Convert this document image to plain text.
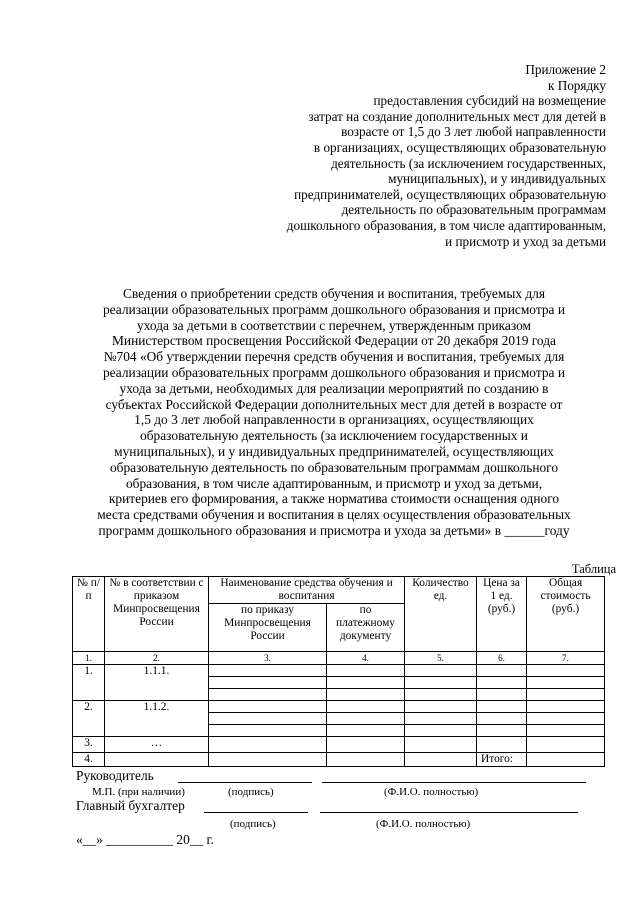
Приложение 2
к Порядку
предоставления субсидий на возмещение
затрат на создание дополнительных мест для детей в
возрасте от 1,5 до 3 лет любой направленности
в организациях, осуществляющих образовательную
деятельность (за исключением государственных,
муниципальных), и у индивидуальных
предпринимателей, осуществляющих образовательную
деятельность по образовательным программам
дошкольного образования, в том числе адаптированным,
и присмотр и уход за детьми
Сведения о приобретении средств обучения и воспитания, требуемых для
реализации образовательных программ дошкольного образования и присмотра и
ухода за детьми в соответствии с перечнем, утвержденным приказом
Министерством просвещения Российской Федерации от 20 декабря 2019 года
№704 «Об утверждении перечня средств обучения и воспитания, требуемых для
реализации образовательных программ дошкольного образования и присмотра и
ухода за детьми, необходимых для реализации мероприятий по созданию в
субъектах Российской Федерации дополнительных мест для детей в возрасте от
1,5 до 3 лет любой направленности в организациях, осуществляющих
образовательную деятельность (за исключением государственных и
муниципальных), и у индивидуальных предпринимателей, осуществляющих
образовательную деятельность по образовательным программам дошкольного
образования, в том числе адаптированным, и присмотр и уход за детьми,
критериев его формирования, а также норматива стоимости оснащения одного
места средствами обучения и воспитания в целях осуществления образовательных
программ дошкольного образования и присмотра и ухода за детьми» в ______году
Таблица
№ п/п	№ в соответствии с приказом Минпросвещения России	Наименование средства обучения и воспитания		Количество ед.	Цена за 1 ед. (руб.)	Общая стоимость (руб.)
		по приказу Минпросвещения России	по платежному документу			
1.	2.	3.	4.	5.	6.	7.
1.	1.1.1.					

2.	1.1.2.					

3.	…					
4.					Итого:	
Руководитель
М.П. (при наличии)	(подпись)	(Ф.И.О. полностью)
Главный бухгалтер
(подпись)	(Ф.И.О. полностью)
«__» __________ 20__ г.
